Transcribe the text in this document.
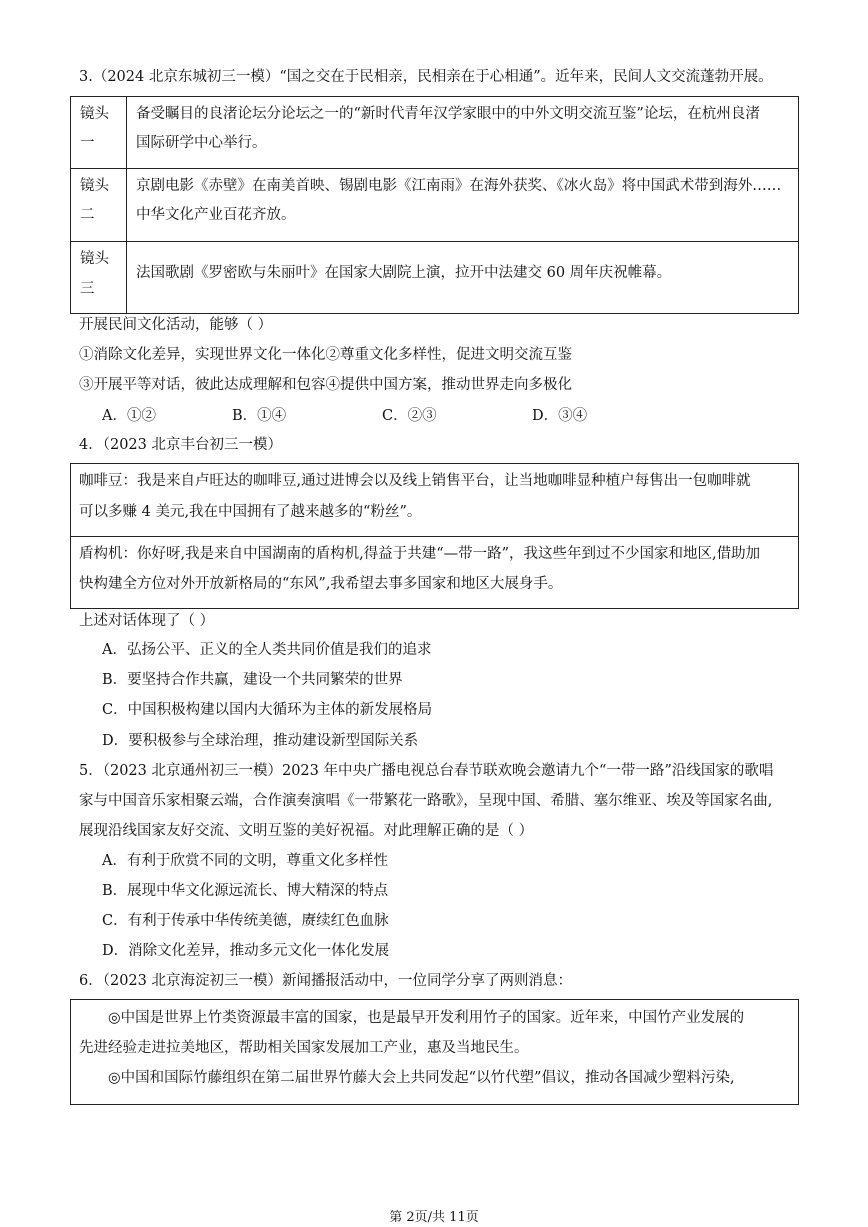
3.（2024 北京东城初三一模）“国之交在于民相亲，民相亲在于心相通”。近年来，民间人文交流蓬勃开展。
镜头
一
备受瞩目的良渚论坛分论坛之一的“新时代青年汉学家眼中的中外文明交流互鉴”论坛，在杭州良渚
国际研学中心举行。
镜头
二
京剧电影《赤壁》在南美首映、锡剧电影《江南雨》在海外获奖、《冰火岛》将中国武术带到海外……
中华文化产业百花齐放。
镜头
三
法国歌剧《罗密欧与朱丽叶》在国家大剧院上演，拉开中法建交 60 周年庆祝帷幕。
开展民间文化活动，能够（ ）
①消除文化差异，实现世界文化一体化②尊重文化多样性，促进文明交流互鉴
③开展平等对话，彼此达成理解和包容④提供中国方案，推动世界走向多极化
A．①②	B．①④	C．②③	D．③④
4．（2023 北京丰台初三一模）
咖啡豆：我是来自卢旺达的咖啡豆,通过进博会以及线上销售平台，让当地咖啡显种植户每售出一包咖啡就
可以多赚 4 美元,我在中国拥有了越来越多的“粉丝”。
盾构机：你好呀,我是来自中国湖南的盾构机,得益于共建“—带一路”，我这些年到过不少国家和地区,借助加
快构建全方位对外开放新格局的“东风”,我希望去事多国家和地区大展身手。
上述对话体现了（ ）
A．弘扬公平、正义的全人类共同价值是我们的追求
B．要坚持合作共赢，建设一个共同繁荣的世界
C．中国积极构建以国内大循环为主体的新发展格局
D．要积极参与全球治理，推动建设新型国际关系
5．（2023 北京通州初三一模）2023 年中央广播电视总台春节联欢晚会邀请九个“一带一路”沿线国家的歌唱
家与中国音乐家相聚云端，合作演奏演唱《一带繁花一路歌》，呈现中国、希腊、塞尔维亚、埃及等国家名曲,
展现沿线国家友好交流、文明互鉴的美好祝福。对此理解正确的是（ ）
A．有利于欣赏不同的文明，尊重文化多样性
B．展现中华文化源远流长、博大精深的特点
C．有利于传承中华传统美德，赓续红色血脉
D．消除文化差异，推动多元文化一体化发展
6．（2023 北京海淀初三一模）新闻播报活动中，一位同学分享了两则消息：
◎中国是世界上竹类资源最丰富的国家，也是最早开发利用竹子的国家。近年来，中国竹产业发展的
先进经验走进拉美地区，帮助相关国家发展加工产业，惠及当地民生。
◎中国和国际竹藤组织在第二届世界竹藤大会上共同发起“以竹代塑”倡议，推动各国减少塑料污染,
第 2页/共 11页
